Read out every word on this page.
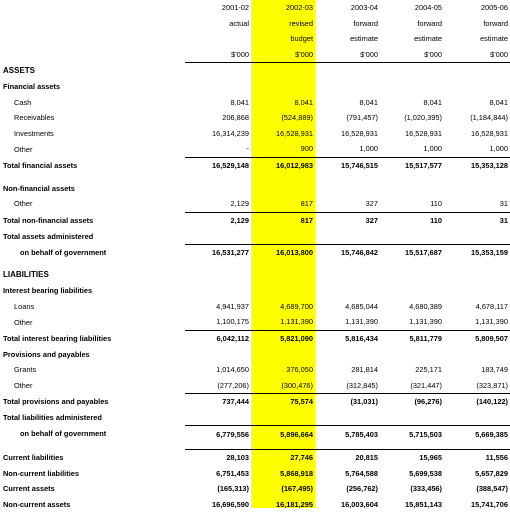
	2001-02	2002-03	2003-04	2004-05	2005-06
	actual	revised	forward	forward	forward
		budget	estimate	estimate	estimate
	$'000	$'000	$'000	$'000	$'000
ASSETS					
Financial assets					
Cash	8,041	8,041	8,041	8,041	8,041
Receivables	206,868	(524,889)	(791,457)	(1,020,395)	(1,184,844)
Investments	16,314,239	16,528,931	16,528,931	16,528,931	16,528,931
Other	-	900	1,000	1,000	1,000
Total financial assets	16,529,148	16,012,983	15,746,515	15,517,577	15,353,128

Non-financial assets					
Other	2,129	817	327	110	31
Total non-financial assets	2,129	817	327	110	31
Total assets administered					
on behalf of government	16,531,277	16,013,800	15,746,842	15,517,687	15,353,159

LIABILITIES					
Interest bearing liabilities					
Loans	4,941,937	4,689,700	4,685,044	4,680,389	4,678,117
Other	1,100,175	1,131,390	1,131,390	1,131,390	1,131,390
Total interest bearing liabilities	6,042,112	5,821,090	5,816,434	5,811,779	5,809,507
Provisions and payables					
Grants	1,014,650	376,050	281,814	225,171	183,749
Other	(277,206)	(300,476)	(312,845)	(321,447)	(323,871)
Total provisions and payables	737,444	75,574	(31,031)	(96,276)	(140,122)
Total liabilities administered					
on behalf of government	6,779,556	5,896,664	5,785,403	5,715,503	5,669,385

Current liabilities	28,103	27,746	20,815	15,965	11,556
Non-current liabilities	6,751,453	5,868,918	5,764,588	5,699,538	5,657,829
Current assets	(165,313)	(167,495)	(256,762)	(333,456)	(388,547)
Non-current assets	16,696,590	16,181,295	16,003,604	15,851,143	15,741,706
